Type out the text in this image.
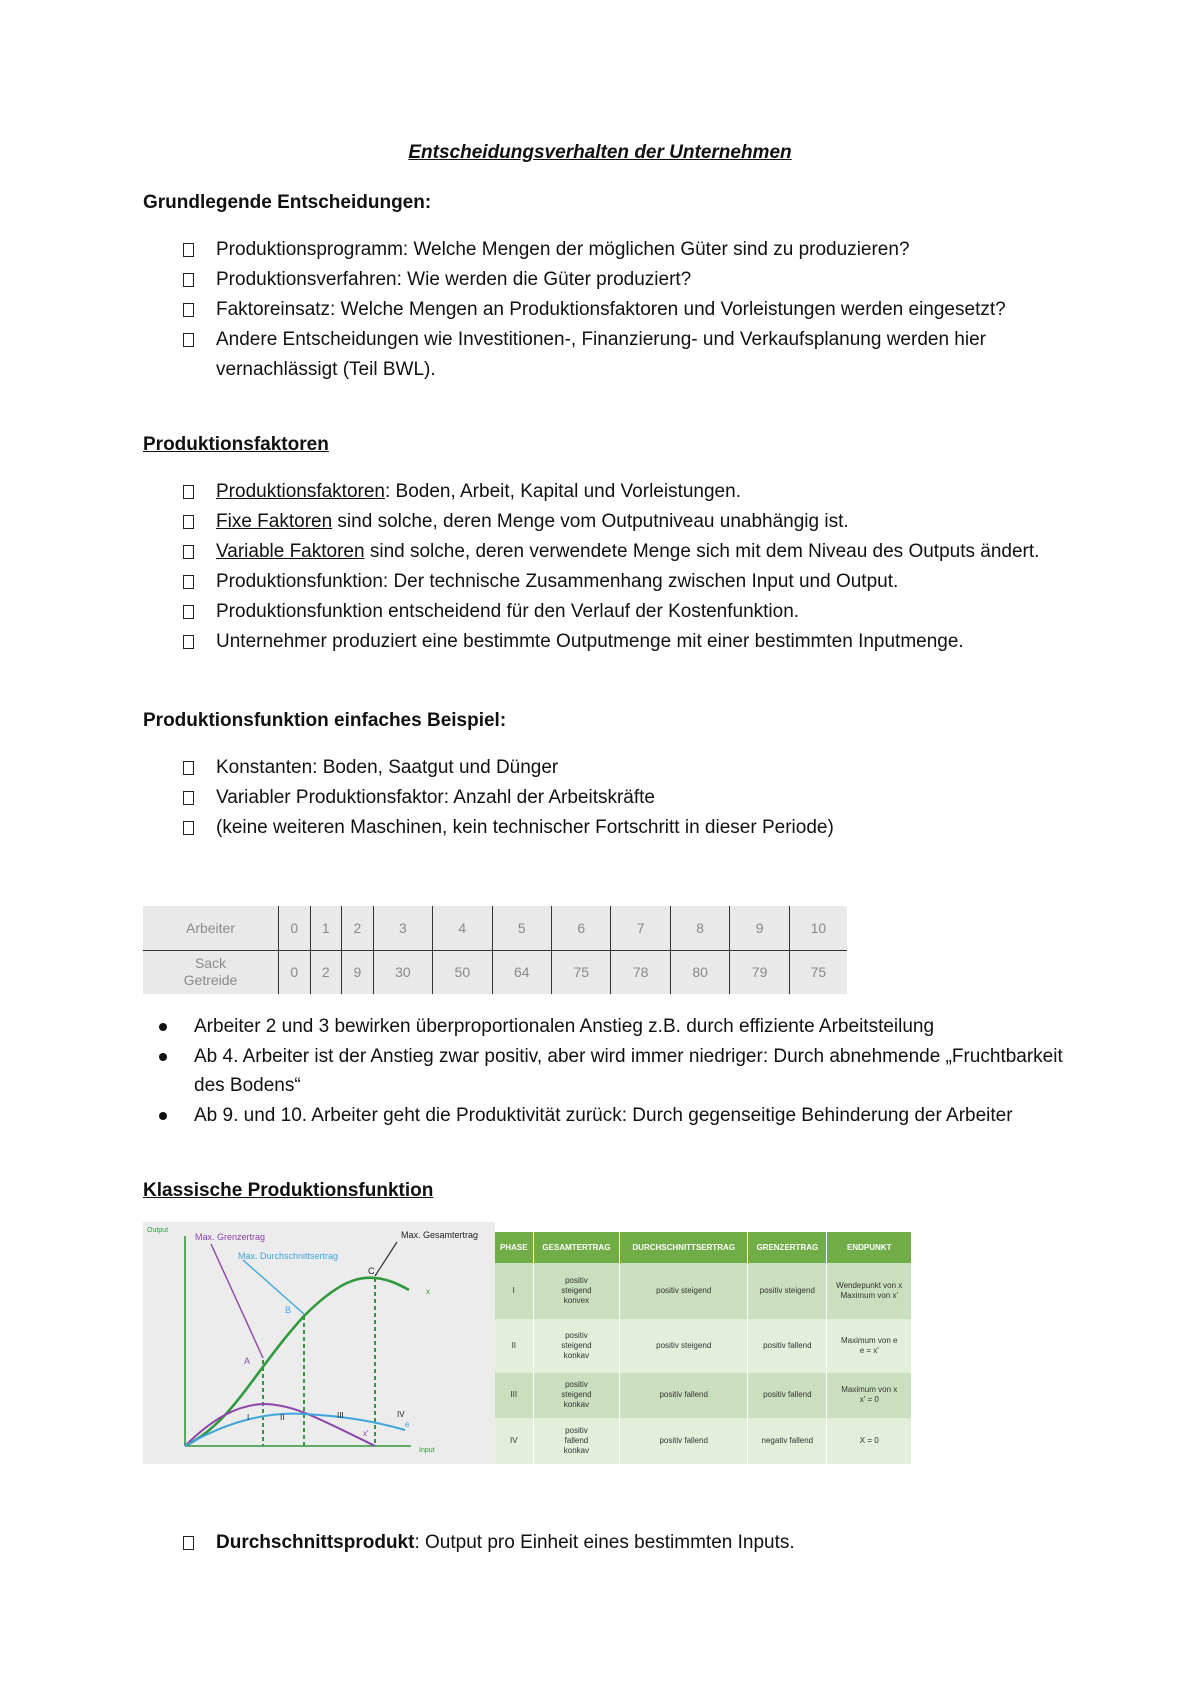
Entscheidungsverhalten der Unternehmen
Grundlegende Entscheidungen:
Produktionsprogramm: Welche Mengen der möglichen Güter sind zu produzieren?
Produktionsverfahren: Wie werden die Güter produziert?
Faktoreinsatz: Welche Mengen an Produktionsfaktoren und Vorleistungen werden eingesetzt?
Andere Entscheidungen wie Investitionen-, Finanzierung- und Verkaufsplanung werden hier vernachlässigt (Teil BWL).
Produktionsfaktoren
Produktionsfaktoren: Boden, Arbeit, Kapital und Vorleistungen.
Fixe Faktoren sind solche, deren Menge vom Outputniveau unabhängig ist.
Variable Faktoren sind solche, deren verwendete Menge sich mit dem Niveau des Outputs ändert.
Produktionsfunktion: Der technische Zusammenhang zwischen Input und Output.
Produktionsfunktion entscheidend für den Verlauf der Kostenfunktion.
Unternehmer produziert eine bestimmte Outputmenge mit einer bestimmten Inputmenge.
Produktionsfunktion einfaches Beispiel:
Konstanten: Boden, Saatgut und Dünger
Variabler Produktionsfaktor: Anzahl der Arbeitskräfte
(keine weiteren Maschinen, kein technischer Fortschritt in dieser Periode)
Arbeiter	0	1	2	3	4	5	6	7	8	9	10
Sack
Getreide	0	2	9	30	50	64	75	78	80	79	75
Arbeiter 2 und 3 bewirken überproportionalen Anstieg z.B. durch effiziente Arbeitsteilung
Ab 4. Arbeiter ist der Anstieg zwar positiv, aber wird immer niedriger: Durch abnehmende „Fruchtbarkeit des Bodens“
Ab 9. und 10. Arbeiter geht die Produktivität zurück: Durch gegenseitige Behinderung der Arbeiter
Klassische Produktionsfunktion
Output
Input
Max. Grenzertrag
Max. Durchschnittsertrag
Max. Gesamtertrag
A
B
C
x
e
x'
I	II	III	IV
PHASE	GESAMTERTRAG	DURCHSCHNITTSERTRAG	GRENZERTRAG	ENDPUNKT
I	positiv
steigend
konvex	positiv steigend	positiv steigend	Wendepunkt von x
Maximum von x'
II	positiv
steigend
konkav	positiv steigend	positiv fallend	Maximum von e
e = x'
III	positiv
steigend
konkav	positiv fallend	positiv fallend	Maximum von x
x' = 0
IV	positiv
fallend
konkav	positiv fallend	negativ fallend	X = 0
Durchschnittsprodukt: Output pro Einheit eines bestimmten Inputs.
